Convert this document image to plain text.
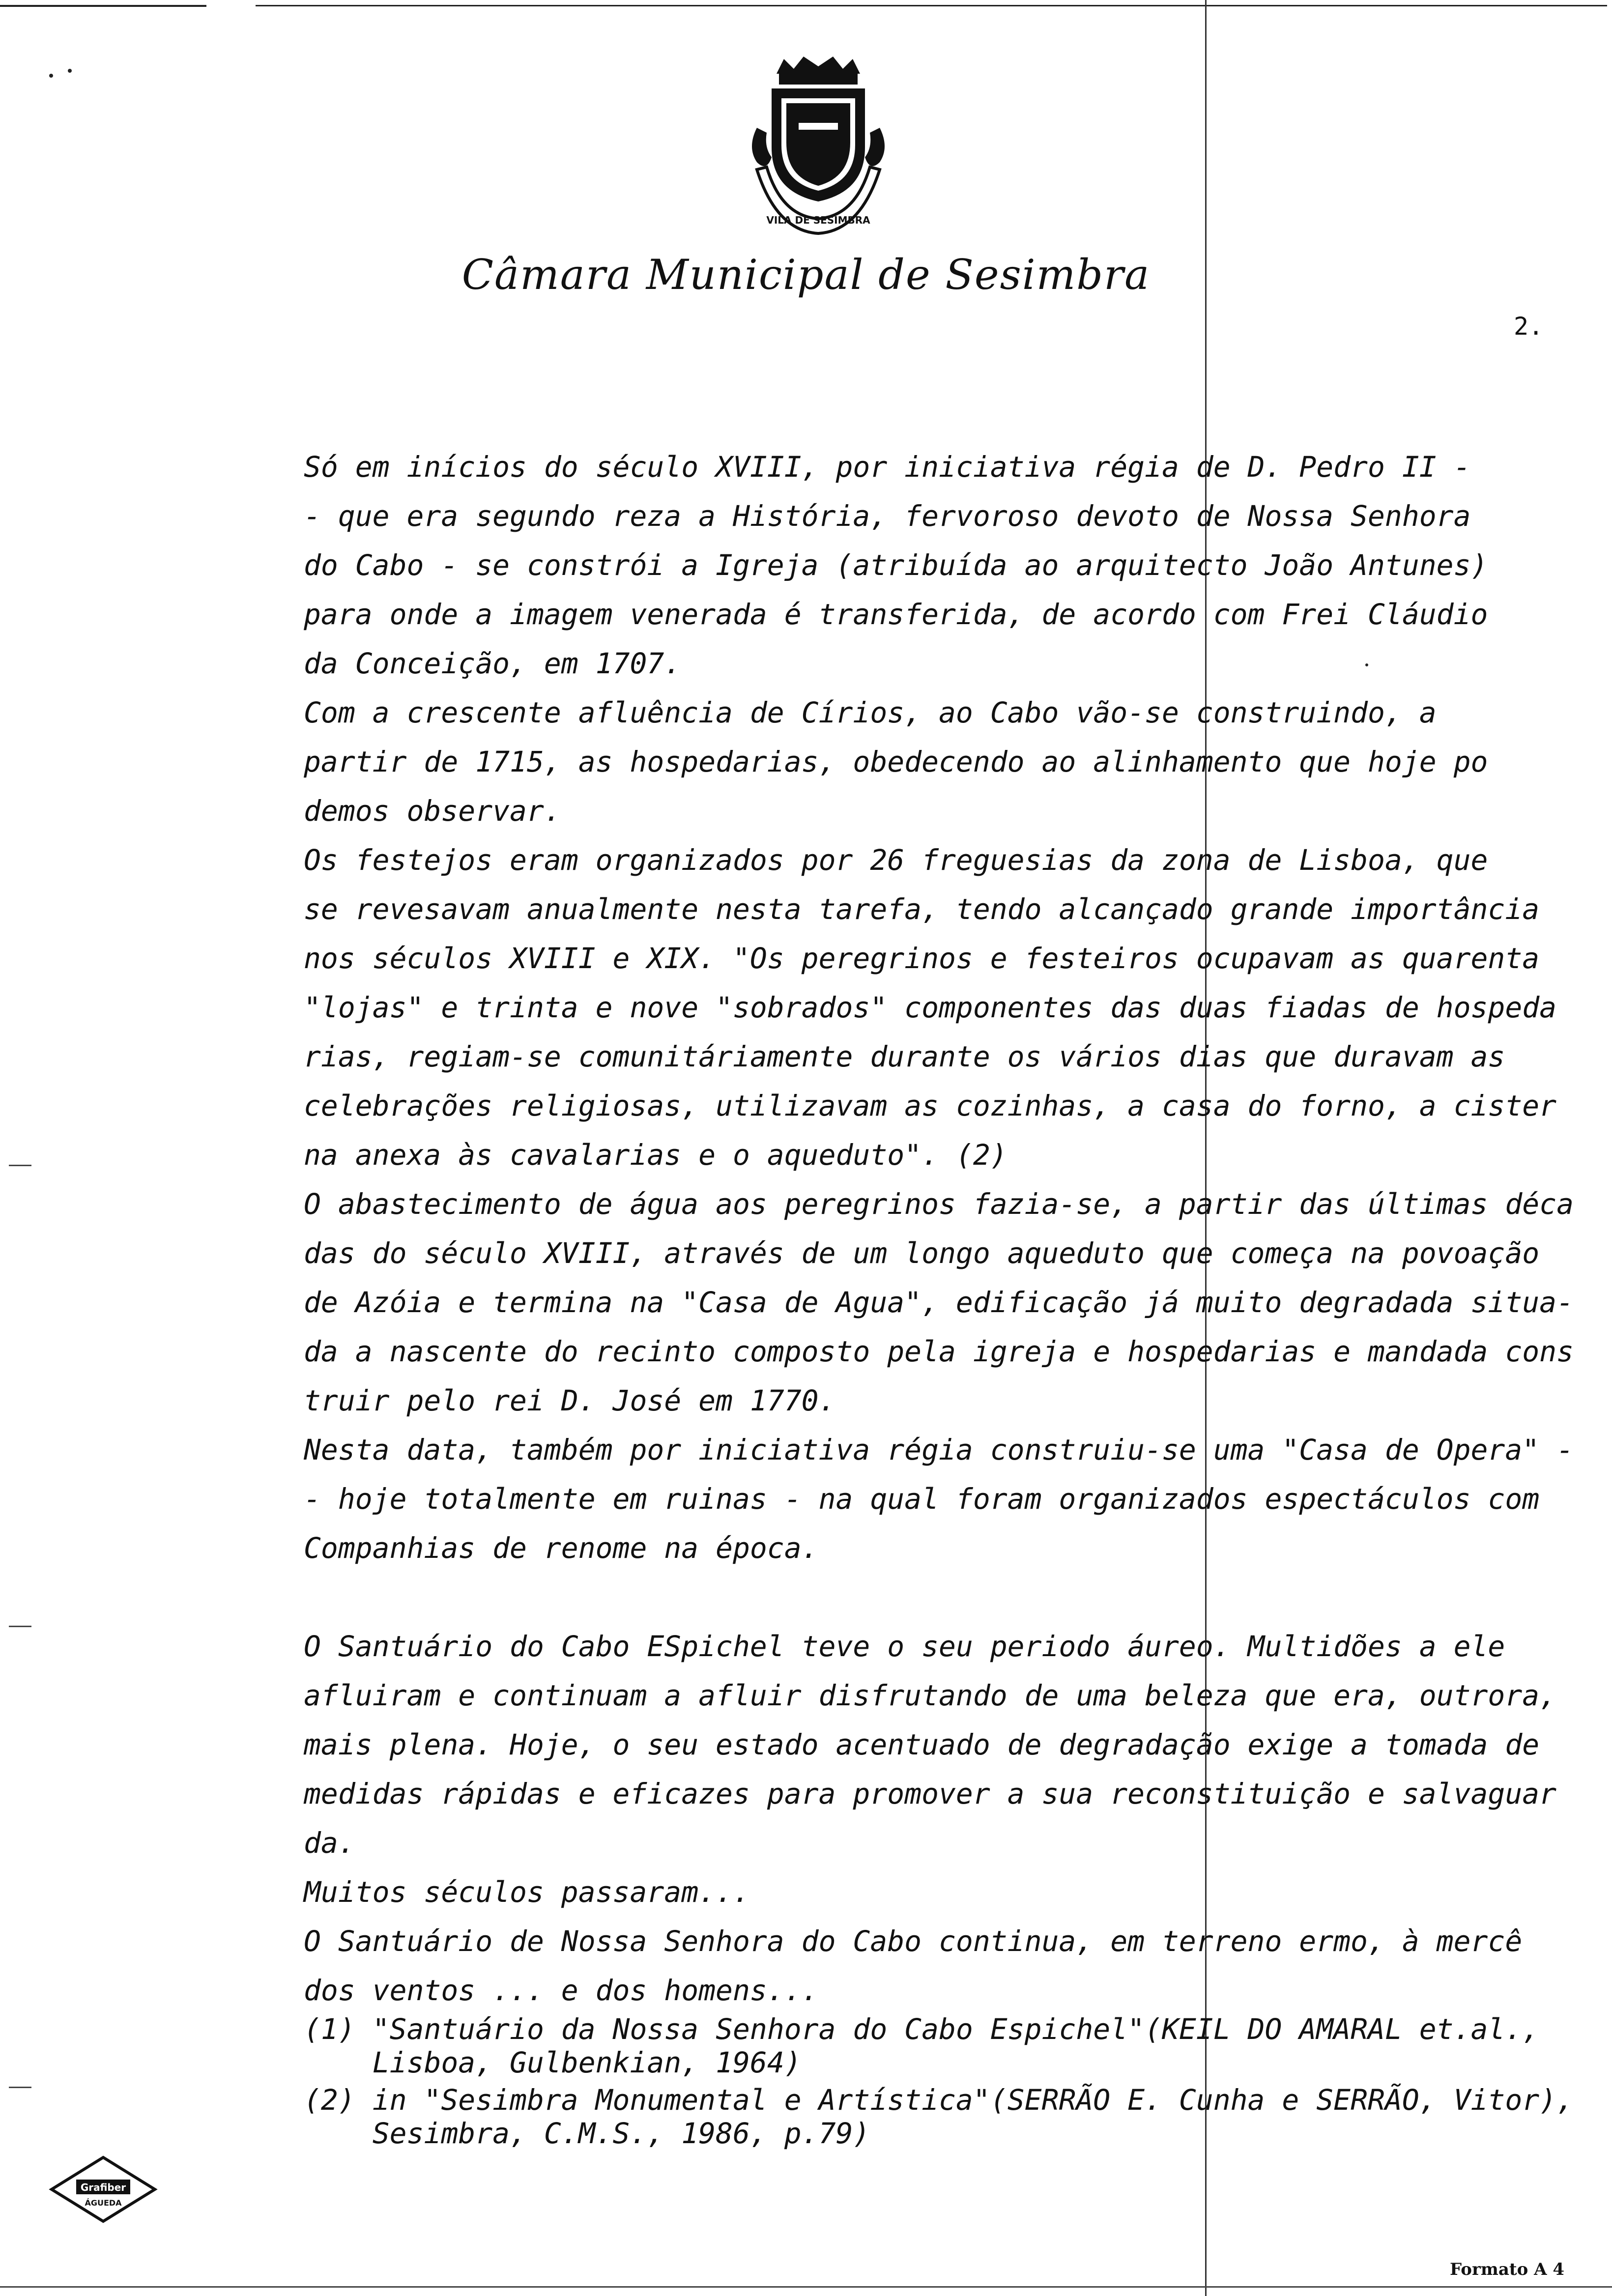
VILA DE SESIMBRA
Câmara Municipal de Sesimbra
2.

Só em inícios do século XVIII, por iniciativa régia de D. Pedro II -

- que era segundo reza a História, fervoroso devoto de Nossa Senhora

do Cabo - se constrói a Igreja (atribuída ao arquitecto João Antunes)

para onde a imagem venerada é transferida, de acordo com Frei Cláudio

da Conceição, em 1707.

Com a crescente afluência de Círios, ao Cabo vão-se construindo, a

partir de 1715, as hospedarias, obedecendo ao alinhamento que hoje po

demos observar.

Os festejos eram organizados por 26 freguesias da zona de Lisboa, que

se revesavam anualmente nesta tarefa, tendo alcançado grande importância

nos séculos XVIII e XIX. "Os peregrinos e festeiros ocupavam as quarenta

"lojas" e trinta e nove "sobrados" componentes das duas fiadas de hospeda

rias, regiam-se comunitáriamente durante os vários dias que duravam as

celebrações religiosas, utilizavam as cozinhas, a casa do forno, a cister

na anexa às cavalarias e o aqueduto". (2)

O abastecimento de água aos peregrinos fazia-se, a partir das últimas déca

das do século XVIII, através de um longo aqueduto que começa na povoação

de Azóia e termina na "Casa de Agua", edificação já muito degradada situa-

da a nascente do recinto composto pela igreja e hospedarias e mandada cons

truir pelo rei D. José em 1770.

Nesta data, também por iniciativa régia construiu-se uma "Casa de Opera" -

- hoje totalmente em ruinas - na qual foram organizados espectáculos com

Companhias de renome na época.

O Santuário do Cabo ESpichel teve o seu periodo áureo. Multidões a ele

afluiram e continuam a afluir disfrutando de uma beleza que era, outrora,

mais plena. Hoje, o seu estado acentuado de degradação exige a tomada de

medidas rápidas e eficazes para promover a sua reconstituição e salvaguar

da.

Muitos séculos passaram...

O Santuário de Nossa Senhora do Cabo continua, em terreno ermo, à mercê

dos ventos ... e dos homens...

(1) "Santuário da Nossa Senhora do Cabo Espichel"(KEIL DO AMARAL et.al.,
Lisboa, Gulbenkian, 1964)
(2) in "Sesimbra Monumental e Artística"(SERRÃO E. Cunha e SERRÃO, Vitor),
Sesimbra, C.M.S., 1986, p.79)
Grafiber
ÁGUEDA
Formato A 4
